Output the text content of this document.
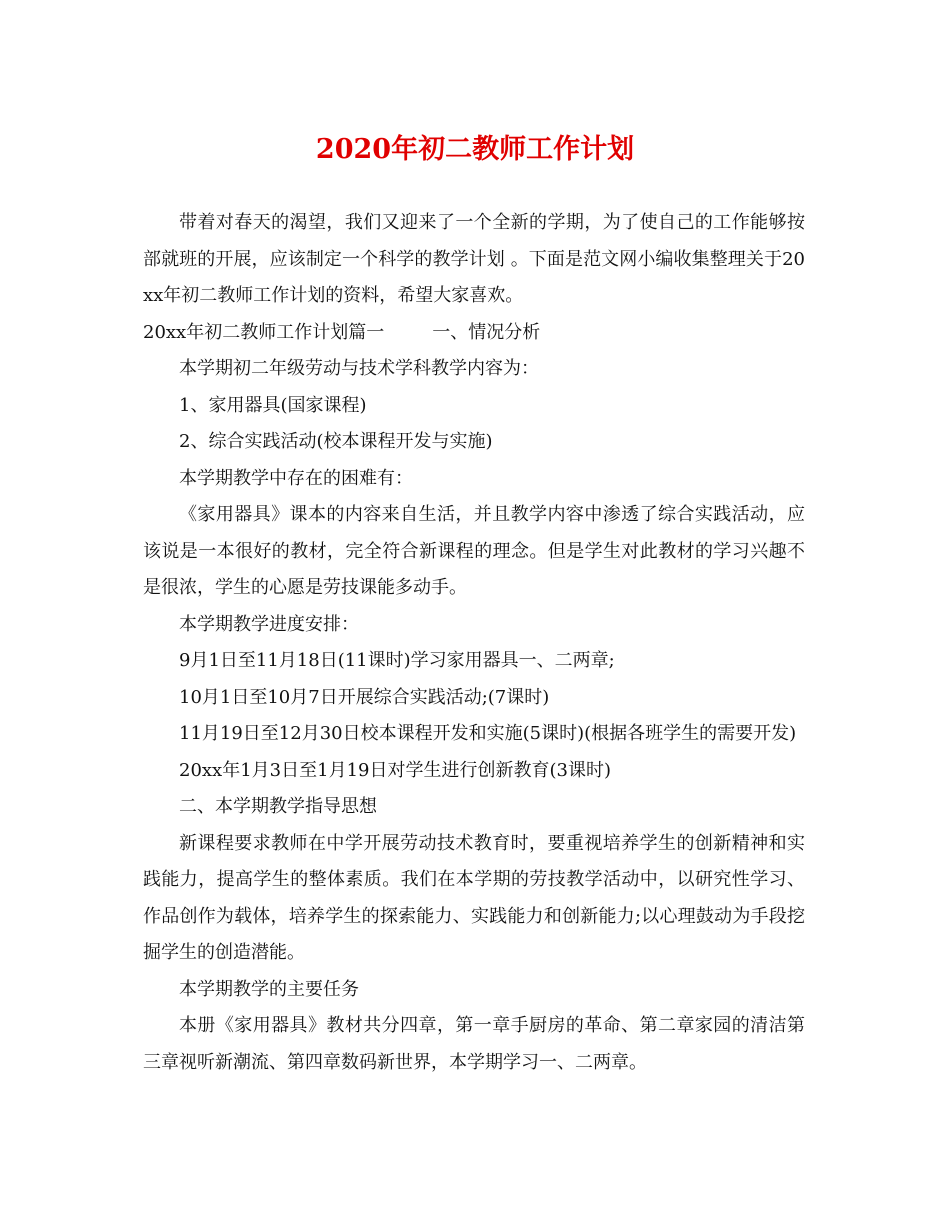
2020年初二教师工作计划

带着对春天的渴望，我们又迎来了一个全新的学期，为了使自己的工作能够按部就班的开展，应该制定一个科学的教学计划 。下面是范文网小编收集整理关于20xx年初二教师工作计划的资料，希望大家喜欢。

20xx年初二教师工作计划篇一	一、情况分析

本学期初二年级劳动与技术学科教学内容为：

1、家用器具(国家课程)

2、综合实践活动(校本课程开发与实施)

本学期教学中存在的困难有：

《家用器具》课本的内容来自生活，并且教学内容中渗透了综合实践活动，应该说是一本很好的教材，完全符合新课程的理念。但是学生对此教材的学习兴趣不是很浓，学生的心愿是劳技课能多动手。

本学期教学进度安排：

9月1日至11月18日(11课时)学习家用器具一、二两章;

10月1日至10月7日开展综合实践活动;(7课时)

11月19日至12月30日校本课程开发和实施(5课时)(根据各班学生的需要开发)

20xx年1月3日至1月19日对学生进行创新教育(3课时)

二、本学期教学指导思想

新课程要求教师在中学开展劳动技术教育时，要重视培养学生的创新精神和实践能力，提高学生的整体素质。我们在本学期的劳技教学活动中，以研究性学习、作品创作为载体，培养学生的探索能力、实践能力和创新能力;以心理鼓动为手段挖掘学生的创造潜能。

本学期教学的主要任务

本册《家用器具》教材共分四章，第一章手厨房的革命、第二章家园的清洁第三章视听新潮流、第四章数码新世界，本学期学习一、二两章。
